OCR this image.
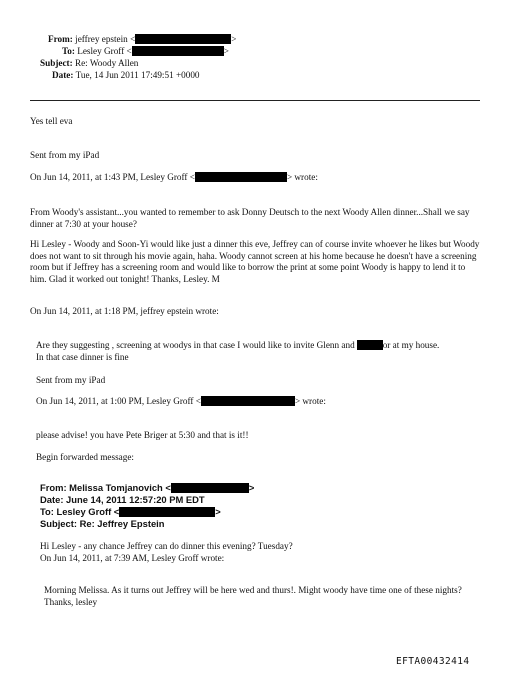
From: jeffrey epstein <	>
To: Lesley Groff <	>
Subject: Re: Woody Allen
Date: Tue, 14 Jun 2011 17:49:51 +0000
Yes tell eva
Sent from my iPad
On Jun 14, 2011, at 1:43 PM, Lesley Groff <	> wrote:
From Woody's assistant...you wanted to remember to ask Donny Deutsch to the next Woody Allen dinner...Shall we say dinner at 7:30 at your house?
Hi Lesley - Woody and Soon-Yi would like just a dinner this eve, Jeffrey can of course invite whoever he likes but Woody does not want to sit through his movie again, haha. Woody cannot screen at his home because he doesn't have a screening room but if Jeffrey has a screening room and would like to borrow the print at some point Woody is happy to lend it to him. Glad it worked out tonight! Thanks, Lesley. M
On Jun 14, 2011, at 1:18 PM, jeffrey epstein wrote:
Are they suggesting , screening at woodys in that case I would like to invite Glenn and	or at my house.
In that case dinner is fine
Sent from my iPad
On Jun 14, 2011, at 1:00 PM, Lesley Groff <	> wrote:
please advise! you have Pete Briger at 5:30 and that is it!!
Begin forwarded message:
From: Melissa Tomjanovich <	>
Date: June 14, 2011 12:57:20 PM EDT
To: Lesley Groff <	>
Subject: Re: Jeffrey Epstein
Hi Lesley - any chance Jeffrey can do dinner this evening? Tuesday?
On Jun 14, 2011, at 7:39 AM, Lesley Groff wrote:
Morning Melissa. As it turns out Jeffrey will be here wed and thurs!. Might woody have time one of these nights? Thanks, lesley
EFTA00432414
